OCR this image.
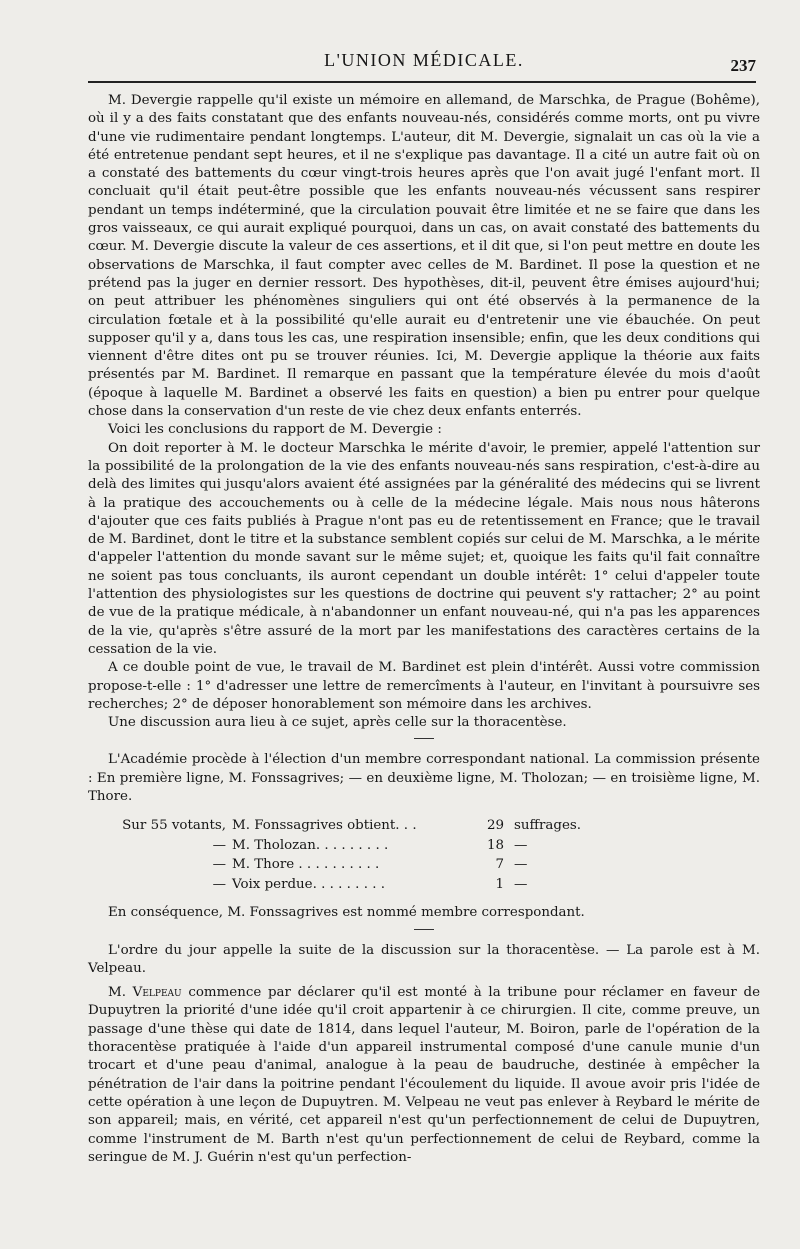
L'UNION MÉDICALE.	237

M. Devergie rappelle qu'il existe un mémoire en allemand, de Marschka, de Prague (Bohême), où il y a des faits constatant que des enfants nouveau-nés, considérés comme morts, ont pu vivre d'une vie rudimentaire pendant longtemps. L'auteur, dit M. Devergie, signalait un cas où la vie a été entretenue pendant sept heures, et il ne s'explique pas davantage. Il a cité un autre fait où on a constaté des battements du cœur vingt-trois heures après que l'on avait jugé l'enfant mort. Il concluait qu'il était peut-être possible que les enfants nouveau-nés vécussent sans respirer pendant un temps indéterminé, que la circulation pouvait être limitée et ne se faire que dans les gros vaisseaux, ce qui aurait expliqué pourquoi, dans un cas, on avait constaté des battements du cœur. M. Devergie discute la valeur de ces assertions, et il dit que, si l'on peut mettre en doute les observations de Marschka, il faut compter avec celles de M. Bardinet. Il pose la question et ne prétend pas la juger en dernier ressort. Des hypothèses, dit-il, peuvent être émises aujourd'hui; on peut attribuer les phénomènes singuliers qui ont été observés à la permanence de la circulation fœtale et à la possibilité qu'elle aurait eu d'entretenir une vie ébauchée. On peut supposer qu'il y a, dans tous les cas, une respiration insensible; enfin, que les deux conditions qui viennent d'être dites ont pu se trouver réunies. Ici, M. Devergie applique la théorie aux faits présentés par M. Bardinet. Il remarque en passant que la température élevée du mois d'août (époque à laquelle M. Bardinet a observé les faits en question) a bien pu entrer pour quelque chose dans la conservation d'un reste de vie chez deux enfants enterrés.

Voici les conclusions du rapport de M. Devergie :

On doit reporter à M. le docteur Marschka le mérite d'avoir, le premier, appelé l'attention sur la possibilité de la prolongation de la vie des enfants nouveau-nés sans respiration, c'est-à-dire au delà des limites qui jusqu'alors avaient été assignées par la généralité des médecins qui se livrent à la pratique des accouchements ou à celle de la médecine légale. Mais nous nous hâterons d'ajouter que ces faits publiés à Prague n'ont pas eu de retentissement en France; que le travail de M. Bardinet, dont le titre et la substance semblent copiés sur celui de M. Marschka, a le mérite d'appeler l'attention du monde savant sur le même sujet; et, quoique les faits qu'il fait connaître ne soient pas tous concluants, ils auront cependant un double intérêt: 1° celui d'appeler toute l'attention des physiologistes sur les questions de doctrine qui peuvent s'y rattacher; 2° au point de vue de la pratique médicale, à n'abandonner un enfant nouveau-né, qui n'a pas les apparences de la vie, qu'après s'être assuré de la mort par les manifestations des caractères certains de la cessation de la vie.

A ce double point de vue, le travail de M. Bardinet est plein d'intérêt. Aussi votre commission propose-t-elle : 1° d'adresser une lettre de remercîments à l'auteur, en l'invitant à poursuivre ses recherches; 2° de déposer honorablement son mémoire dans les archives.

Une discussion aura lieu à ce sujet, après celle sur la thoracentèse.

L'Académie procède à l'élection d'un membre correspondant national. La commission présente : En première ligne, M. Fonssagrives; — en deuxième ligne, M. Tholozan; — en troisième ligne, M. Thore.

Sur 55 votants,	M. Fonssagrives obtient. . .	29	suffrages.
—	M. Tholozan. . . . . . . . .	18	—
—	M. Thore . . . . . . . . . .	7	—
—	Voix perdue. . . . . . . . .	1	—

En conséquence, M. Fonssagrives est nommé membre correspondant.

L'ordre du jour appelle la suite de la discussion sur la thoracentèse. — La parole est à M. Velpeau.

M. Velpeau commence par déclarer qu'il est monté à la tribune pour réclamer en faveur de Dupuytren la priorité d'une idée qu'il croit appartenir à ce chirurgien. Il cite, comme preuve, un passage d'une thèse qui date de 1814, dans lequel l'auteur, M. Boiron, parle de l'opération de la thoracentèse pratiquée à l'aide d'un appareil instrumental composé d'une canule munie d'un trocart et d'une peau d'animal, analogue à la peau de baudruche, destinée à empêcher la pénétration de l'air dans la poitrine pendant l'écoulement du liquide. Il avoue avoir pris l'idée de cette opération à une leçon de Dupuytren. M. Velpeau ne veut pas enlever à Reybard le mérite de son appareil; mais, en vérité, cet appareil n'est qu'un perfectionnement de celui de Dupuytren, comme l'instrument de M. Barth n'est qu'un perfectionnement de celui de Reybard, comme la seringue de M. J. Guérin n'est qu'un perfection-
